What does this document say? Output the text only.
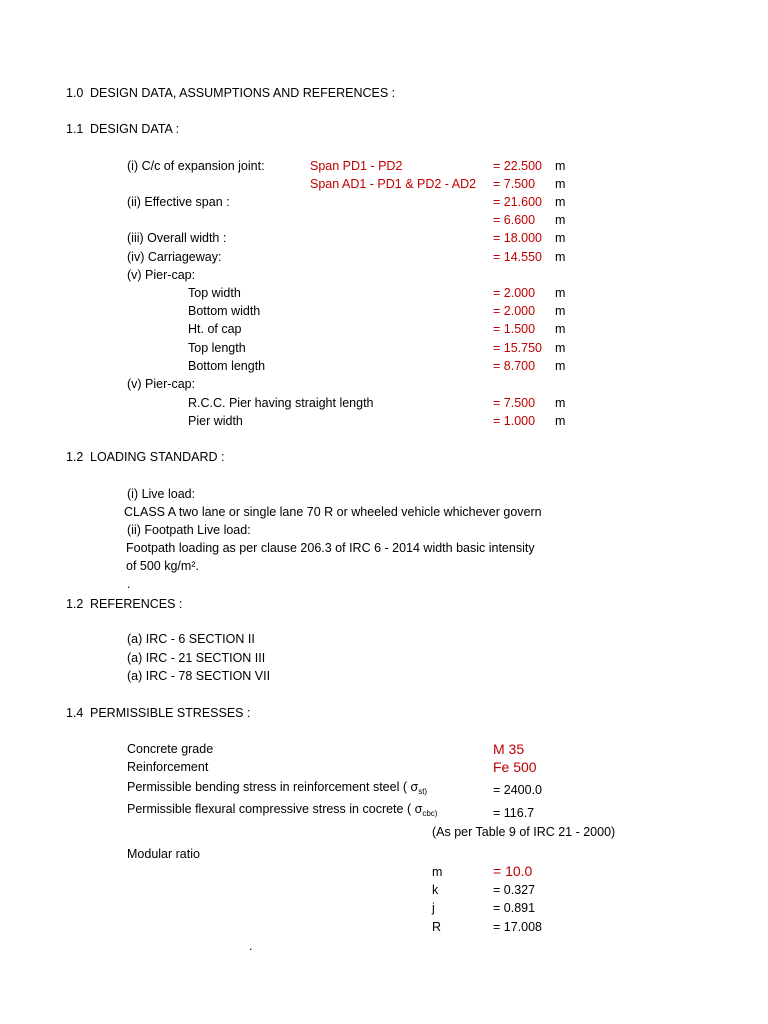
1.0 DESIGN DATA, ASSUMPTIONS AND REFERENCES :
1.1 DESIGN DATA :
(i) C/c of expansion joint:	Span PD1 - PD2	= 22.500 m
Span AD1 - PD1 & PD2 - AD2 = 7.500 m
(ii) Effective span :	= 21.600 m
= 6.600 m
(iii) Overall width :	= 18.000 m
(iv) Carriageway:	= 14.550 m
(v) Pier-cap:
Top width	= 2.000 m
Bottom width	= 2.000 m
Ht. of cap	= 1.500 m
Top length	= 15.750 m
Bottom length	= 8.700 m
(v) Pier-cap:
R.C.C. Pier having straight length	= 7.500 m
Pier width	= 1.000 m
1.2 LOADING STANDARD :
(i) Live load:
CLASS A two lane or single lane 70 R or wheeled vehicle whichever govern
(ii) Footpath Live load:
Footpath loading as per clause 206.3 of IRC 6 - 2014 width basic intensity
of 500 kg/m².
.
1.2 REFERENCES :
(a) IRC - 6 SECTION II
(a) IRC - 21 SECTION III
(a) IRC - 78 SECTION VII
1.4 PERMISSIBLE STRESSES :
Concrete grade	M 35
Reinforcement	Fe 500
Permissible bending stress in reinforcement steel ( $\sigma_{st)}$	= 2400.0
Permissible flexural compressive stress in cocrete ( $\sigma_{cbc)}$	= 116.7
(As per Table 9 of IRC 21 - 2000)
Modular ratio
m	= 10.0
k	= 0.327
j	= 0.891
R	= 17.008
.
